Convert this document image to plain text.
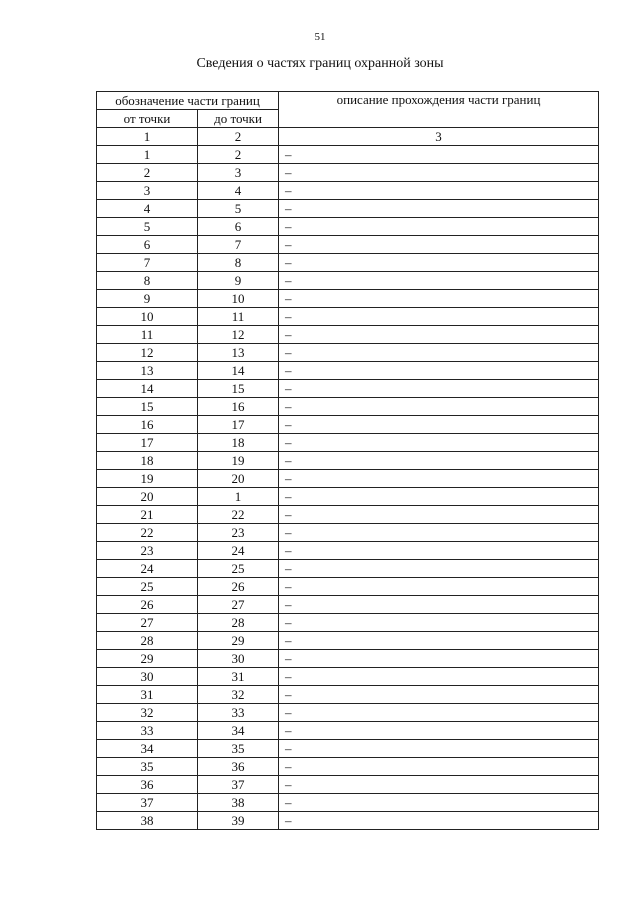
51
Сведения о частях границ охранной зоны
обозначение части границ		описание прохождения части границ
от точки	до точки	
1	2	3
1	2	–
2	3	–
3	4	–
4	5	–
5	6	–
6	7	–
7	8	–
8	9	–
9	10	–
10	11	–
11	12	–
12	13	–
13	14	–
14	15	–
15	16	–
16	17	–
17	18	–
18	19	–
19	20	–
20	1	–
21	22	–
22	23	–
23	24	–
24	25	–
25	26	–
26	27	–
27	28	–
28	29	–
29	30	–
30	31	–
31	32	–
32	33	–
33	34	–
34	35	–
35	36	–
36	37	–
37	38	–
38	39	–
